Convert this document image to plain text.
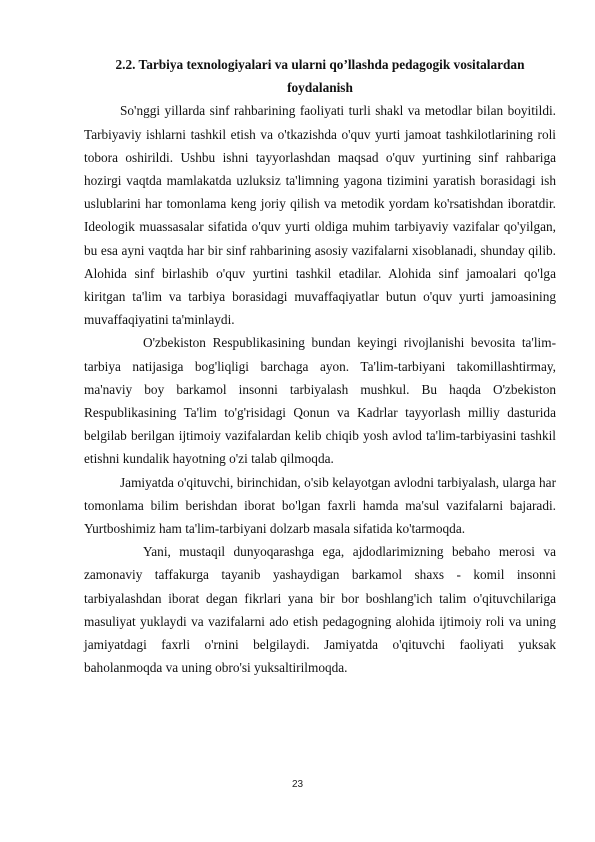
2.2. Tarbiya texnologiyalari va ularni qo’llashda pedagogik vositalardan foydalanish

So'nggi yillarda sinf rahbarining faoliyati turli shakl va metodlar bilan boyitildi. Tarbiyaviy ishlarni tashkil etish va o'tkazishda o'quv yurti jamoat tashkilotlarining roli tobora oshirildi. Ushbu ishni tayyorlashdan maqsad o'quv yurtining sinf rahbariga hozirgi vaqtda mamlakatda uzluksiz ta'limning yagona tizimini yaratish borasidagi ish uslublarini har tomonlama keng joriy qilish va metodik yordam ko'rsatishdan iboratdir. Ideologik muassasalar sifatida o'quv yurti oldiga muhim tarbiyaviy vazifalar qo'yilgan, bu esa ayni vaqtda har bir sinf rahbarining asosiy vazifalarni xisoblanadi, shunday qilib. Alohida sinf birlashib o'quv yurtini tashkil etadilar. Alohida sinf jamoalari qo'lga kiritgan ta'lim va tarbiya borasidagi muvaffaqiyatlar butun o'quv yurti jamoasining muvaffaqiyatini ta'minlaydi.

O'zbekiston Respublikasining bundan keyingi rivojlanishi bevosita ta'lim-tarbiya natijasiga bog'liqligi barchaga ayon. Ta'lim-tarbiyani takomillashtirmay, ma'naviy boy barkamol insonni tarbiyalash mushkul. Bu haqda O'zbekiston Respublikasining Ta'lim to'g'risidagi Qonun va Kadrlar tayyorlash milliy dasturida belgilab berilgan ijtimoiy vazifalardan kelib chiqib yosh avlod ta'lim-tarbiyasini tashkil etishni kundalik hayotning o'zi talab qilmoqda.

Jamiyatda o'qituvchi, birinchidan, o'sib kelayotgan avlodni tarbiyalash, ularga har tomonlama bilim berishdan iborat bo'lgan faxrli hamda ma'sul vazifalarni bajaradi. Yurtboshimiz ham ta'lim-tarbiyani dolzarb masala sifatida ko'tarmoqda.

Yani, mustaqil dunyoqarashga ega, ajdodlarimizning bebaho merosi va zamonaviy taffakurga tayanib yashaydigan barkamol shaxs - komil insonni tarbiyalashdan iborat degan fikrlari yana bir bor boshlang'ich talim o'qituvchilariga masuliyat yuklaydi va vazifalarni ado etish pedagogning alohida ijtimoiy roli va uning jamiyatdagi faxrli o'rnini belgilaydi. Jamiyatda o'qituvchi faoliyati yuksak baholanmoqda va uning obro'si yuksaltirilmoqda.

23
